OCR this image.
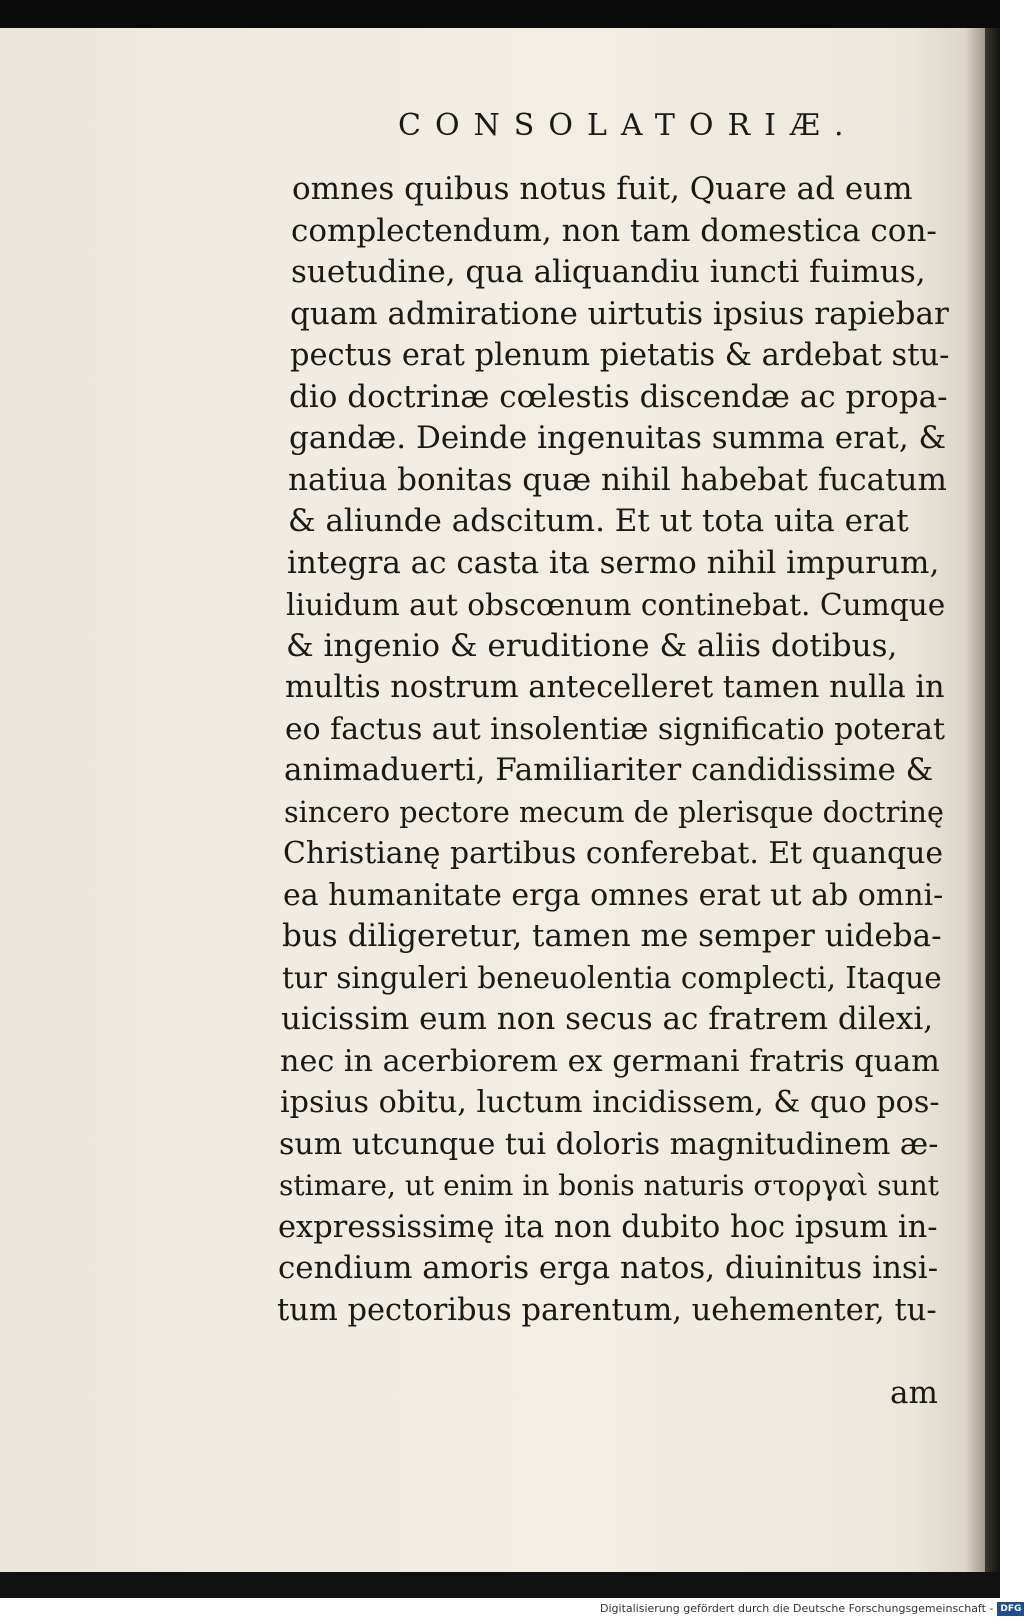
CONSOLATORIÆ.
omnes quibus notus fuit, Quare ad eum
complectendum, non tam domestica con-
suetudine, qua aliquandiu iuncti fuimus,
quam admiratione uirtutis ipsius rapiebar
pectus erat plenum pietatis & ardebat stu-
dio doctrinæ cœlestis discendæ ac propa-
gandæ. Deinde ingenuitas summa erat, &
natiua bonitas quæ nihil habebat fucatum
& aliunde adscitum. Et ut tota uita erat
integra ac casta ita sermo nihil impurum,
liuidum aut obscœnum continebat. Cumque
& ingenio & eruditione & aliis dotibus,
multis nostrum antecelleret tamen nulla in
eo factus aut insolentiæ significatio poterat
animaduerti, Familiariter candidissime &
sincero pectore mecum de plerisque doctrinę
Christianę partibus conferebat. Et quanque
ea humanitate erga omnes erat ut ab omni-
bus diligeretur, tamen me semper uideba-
tur singuleri beneuolentia complecti, Itaque
uicissim eum non secus ac fratrem dilexi,
nec in acerbiorem ex germani fratris quam
ipsius obitu, luctum incidissem, & quo pos-
sum utcunque tui doloris magnitudinem æ-
stimare, ut enim in bonis naturis στοργαὶ sunt
expressissimę ita non dubito hoc ipsum in-
cendium amoris erga natos, diuinitus insi-
tum pectoribus parentum, uehementer, tu-
am
Digitalisierung gefördert durch die Deutsche Forschungsgemeinschaft - DFG
